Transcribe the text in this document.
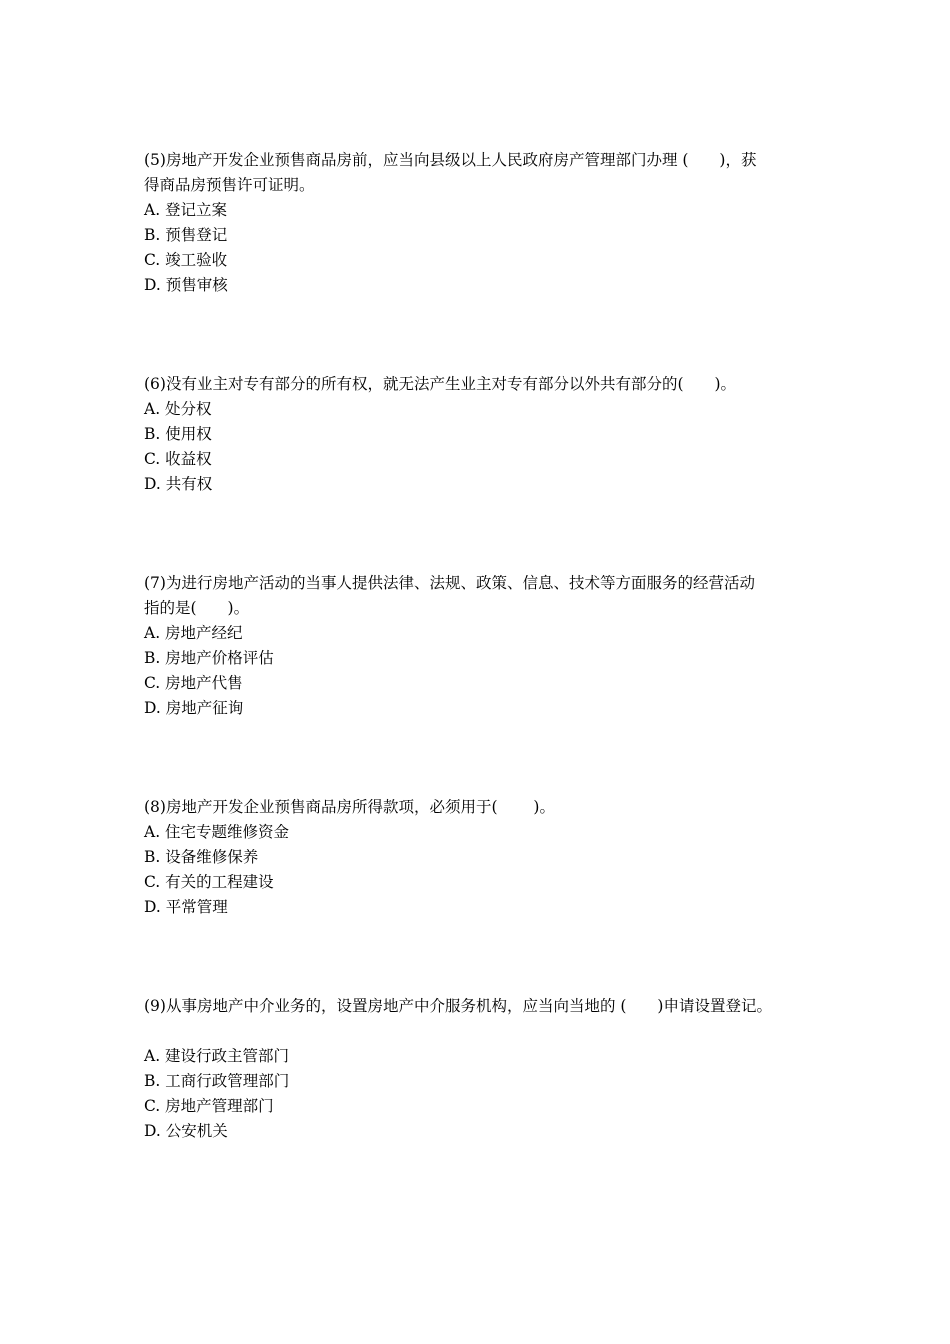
(5)房地产开发企业预售商品房前，应当向县级以上人民政府房产管理部门办理 (　　)，获
得商品房预售许可证明。
A. 登记立案
B. 预售登记
C. 竣工验收
D. 预售审核
(6)没有业主对专有部分的所有权，就无法产生业主对专有部分以外共有部分的(　　)。
A. 处分权
B. 使用权
C. 收益权
D. 共有权
(7)为进行房地产活动的当事人提供法律、法规、政策、信息、技术等方面服务的经营活动
指的是(　　)。
A. 房地产经纪
B. 房地产价格评估
C. 房地产代售
D. 房地产征询
(8)房地产开发企业预售商品房所得款项，必须用于(　　 )。
A. 住宅专题维修资金
B. 设备维修保养
C. 有关的工程建设
D. 平常管理
(9)从事房地产中介业务的，设置房地产中介服务机构，应当向当地的 (　　)申请设置登记。
A. 建设行政主管部门
B. 工商行政管理部门
C. 房地产管理部门
D. 公安机关
